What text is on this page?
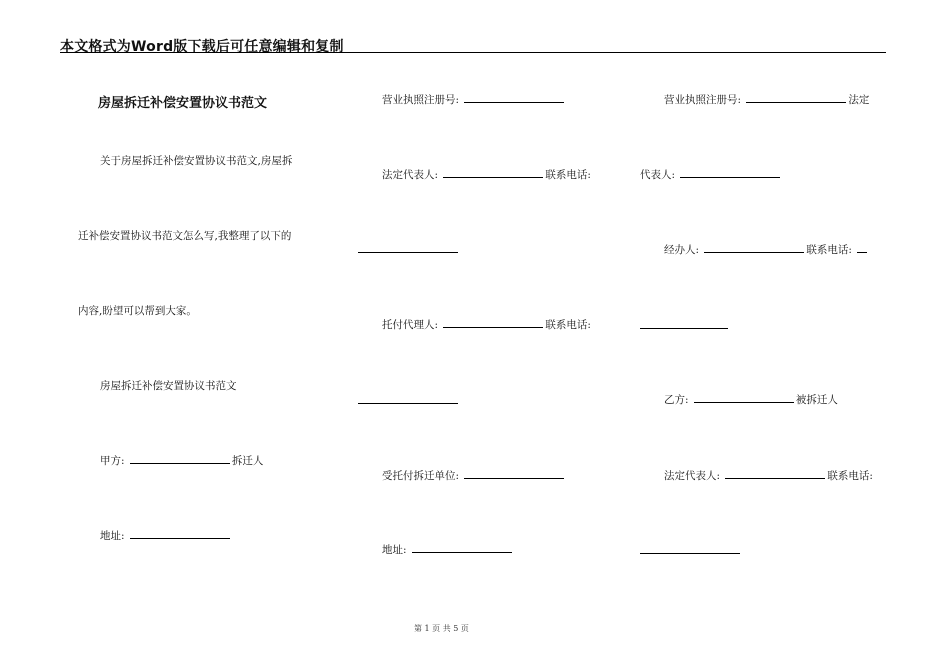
本文格式为Word版下载后可任意编辑和复制
房屋拆迁补偿安置协议书范文
关于房屋拆迁补偿安置协议书范文,房屋拆
迁补偿安置协议书范文怎么写,我整理了以下的
内容,盼望可以帮到大家。
房屋拆迁补偿安置协议书范文
甲方:	拆迁人
地址:
营业执照注册号:
法定代表人:	联系电话:
托付代理人:	联系电话:
受托付拆迁单位:
地址:
营业执照注册号:	法定
代表人:
经办人:	联系电话:
乙方:	被拆迁人
法定代表人:	联系电话:
第 1 页 共 5 页
